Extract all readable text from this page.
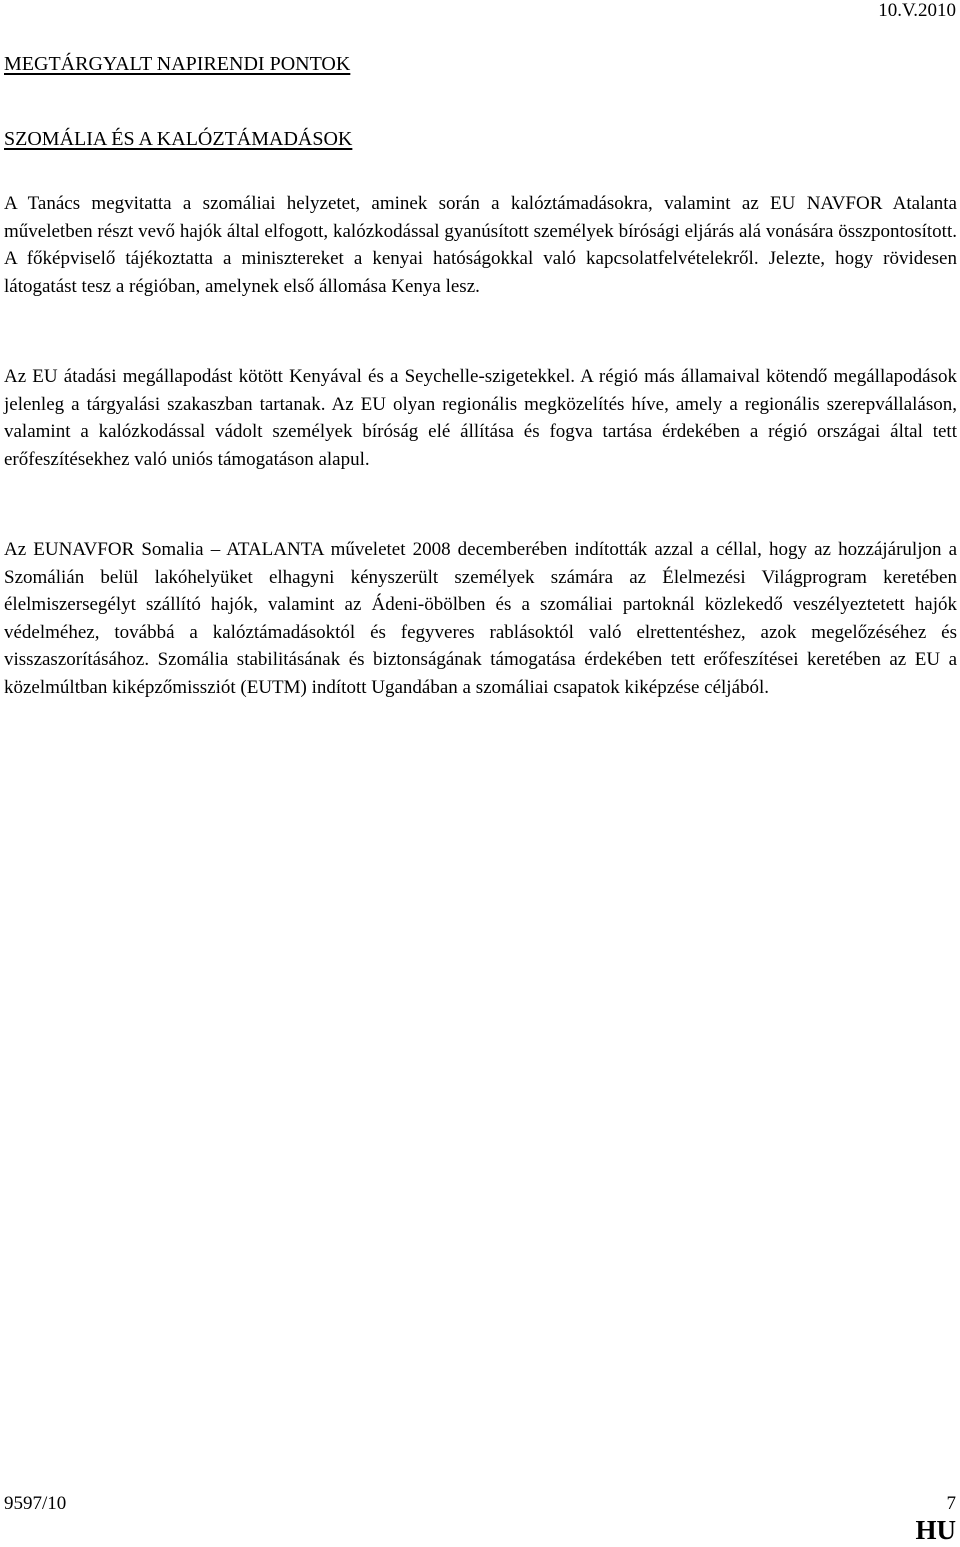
10.V.2010
MEGTÁRGYALT NAPIRENDI PONTOK
SZOMÁLIA ÉS A KALÓZTÁMADÁSOK

A Tanács megvitatta a szomáliai helyzetet, aminek során a kalóztámadásokra, valamint az EU NAVFOR Atalanta műveletben részt vevő hajók által elfogott, kalózkodással gyanúsított személyek bírósági eljárás alá vonására összpontosított. A főképviselő tájékoztatta a minisztereket a kenyai hatóságokkal való kapcsolatfelvételekről. Jelezte, hogy rövidesen látogatást tesz a régióban, amelynek első állomása Kenya lesz.

Az EU átadási megállapodást kötött Kenyával és a Seychelle-szigetekkel. A régió más államaival kötendő megállapodások jelenleg a tárgyalási szakaszban tartanak. Az EU olyan regionális megközelítés híve, amely a regionális szerepvállaláson, valamint a kalózkodással vádolt személyek bíróság elé állítása és fogva tartása érdekében a régió országai által tett erőfeszítésekhez való uniós támogatáson alapul.

Az EUNAVFOR Somalia – ATALANTA műveletet 2008 decemberében indították azzal a céllal, hogy az hozzájáruljon a Szomálián belül lakóhelyüket elhagyni kényszerült személyek számára az Élelmezési Világprogram keretében élelmiszersegélyt szállító hajók, valamint az Ádeni-öbölben és a szomáliai partoknál közlekedő veszélyeztetett hajók védelméhez, továbbá a kalóztámadásoktól és fegyveres rablásoktól való elrettentéshez, azok megelőzéséhez és visszaszorításához. Szomália stabilitásának és biztonságának támogatása érdekében tett erőfeszítései keretében az EU a közelmúltban kiképzőmissziót (EUTM) indított Ugandában a szomáliai csapatok kiképzése céljából.

9597/10	7
HU
